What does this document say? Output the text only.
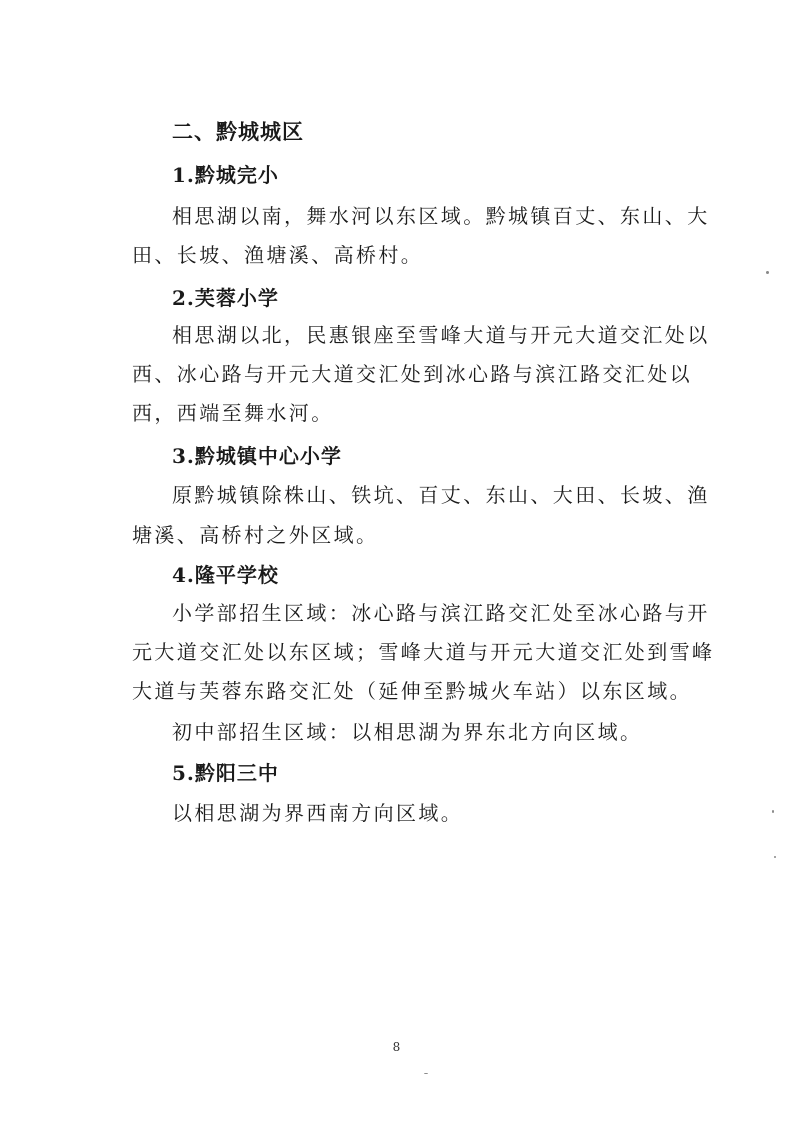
二、黔城城区
1.黔城完小
相思湖以南，舞水河以东区域。黔城镇百丈、东山、大
田、长坡、渔塘溪、高桥村。
2.芙蓉小学
相思湖以北，民惠银座至雪峰大道与开元大道交汇处以
西、冰心路与开元大道交汇处到冰心路与滨江路交汇处以
西，西端至舞水河。
3.黔城镇中心小学
原黔城镇除株山、铁坑、百丈、东山、大田、长坡、渔
塘溪、高桥村之外区域。
4.隆平学校
小学部招生区域：冰心路与滨江路交汇处至冰心路与开
元大道交汇处以东区域；雪峰大道与开元大道交汇处到雪峰
大道与芙蓉东路交汇处（延伸至黔城火车站）以东区域。
初中部招生区域：以相思湖为界东北方向区域。
5.黔阳三中
以相思湖为界西南方向区域。
8
